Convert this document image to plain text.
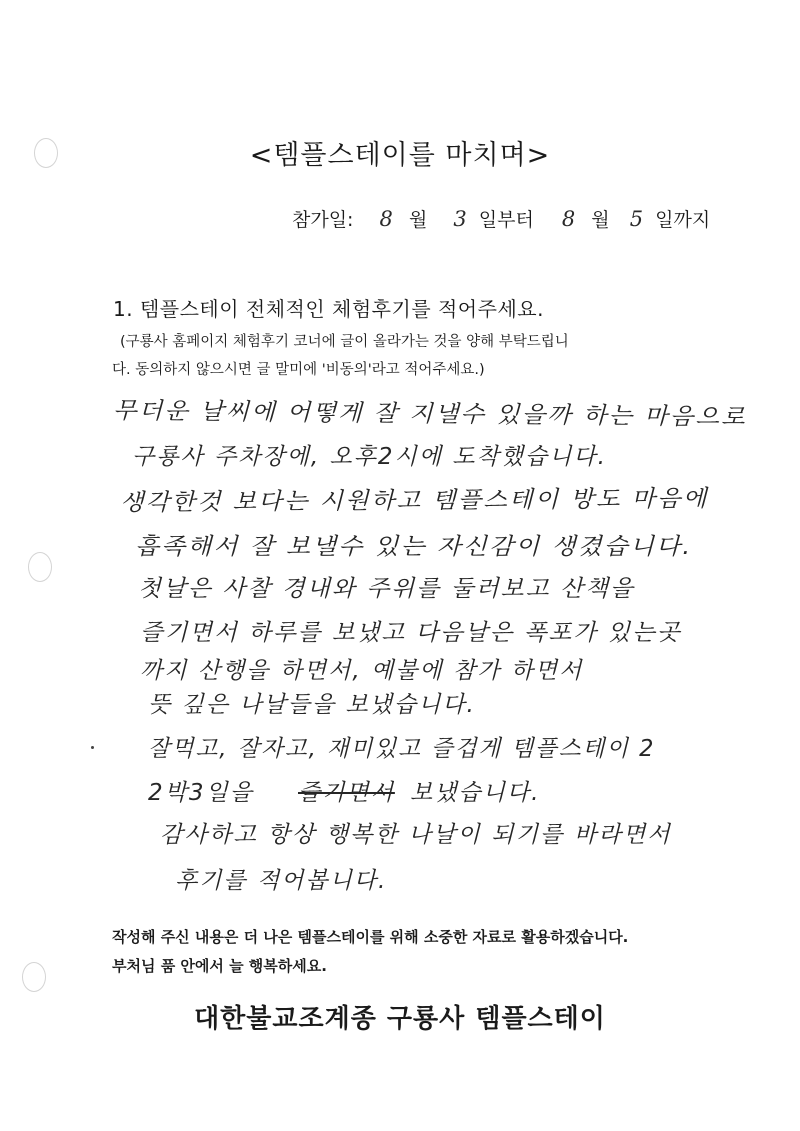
<템플스테이를 마치며>
참가일: 8 월 3 일부터 8 월 5 일까지
1. 템플스테이 전체적인 체험후기를 적어주세요.
(구룡사 홈페이지 체험후기 코너에 글이 올라가는 것을 양해 부탁드립니
다. 동의하지 않으시면 글 말미에 '비동의'라고 적어주세요.)
무더운 날씨에 어떻게 잘 지낼수 있을까 하는 마음으로
구룡사 주차장에, 오후2시에 도착했습니다.
생각한것 보다는 시원하고 템플스테이 방도 마음에
흡족해서 잘 보낼수 있는 자신감이 생겼습니다.
첫날은 사찰 경내와 주위를 둘러보고 산책을
즐기면서 하루를 보냈고 다음날은 폭포가 있는곳
까지 산행을 하면서, 예불에 참가 하면서
뜻 깊은 나날들을 보냈습니다.
잘먹고, 잘자고, 재미있고 즐겁게 템플스테이 2
2박3일을 즐기면서 보냈습니다.
감사하고 항상 행복한 나날이 되기를 바라면서
후기를 적어봅니다.
작성해 주신 내용은 더 나은 템플스테이를 위해 소중한 자료로 활용하겠습니다.
부처님 품 안에서 늘 행복하세요.
대한불교조계종 구룡사 템플스테이
